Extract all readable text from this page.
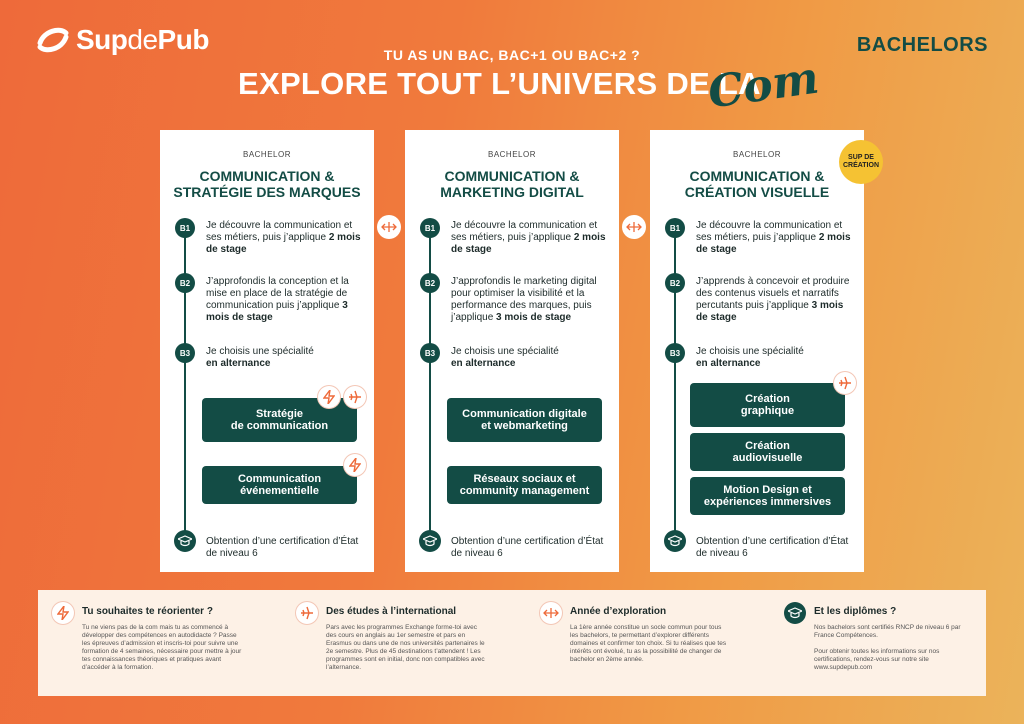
SupdePub	BACHELORS
TU AS UN BAC, BAC+1 OU BAC+2 ?
EXPLORE TOUT L’UNIVERS DE LA
Com
BACHELOR
COMMUNICATION &
STRATÉGIE DES MARQUES
B1	Je découvre la communication et ses métiers, puis j’applique 2 mois de stage
B2	J’approfondis la conception et la mise en place de la stratégie de communication puis j’applique 3 mois de stage
B3	Je choisis une spécialité
en alternance
Stratégie
de communication
Communication
événementielle
Obtention d’une certification d’État de niveau 6
BACHELOR
COMMUNICATION &
MARKETING DIGITAL
B1	Je découvre la communication et ses métiers, puis j’applique 2 mois de stage
B2	J’approfondis le marketing digital pour optimiser la visibilité et la performance des marques, puis j’applique 3 mois de stage
B3	Je choisis une spécialité
en alternance
Communication digitale
et webmarketing
Réseaux sociaux et
community management
Obtention d’une certification d’État de niveau 6
BACHELOR
COMMUNICATION &
CRÉATION VISUELLE
B1	Je découvre la communication et ses métiers, puis j’applique 2 mois de stage
B2	J’apprends à concevoir et produire des contenus visuels et narratifs percutants puis j’applique 3 mois de stage
B3	Je choisis une spécialité
en alternance
Création
graphique
Création
audiovisuelle
Motion Design et
expériences immersives
Obtention d’une certification d’État de niveau 6
SUP DE CRÉATION
Tu souhaites te réorienter ?
Tu ne viens pas de la com mais tu as commencé à développer des compétences en autodidacte ? Passe les épreuves d’admission et inscris-toi pour suivre une formation de 4 semaines, nécessaire pour mettre à jour tes connaissances théoriques et pratiques avant d’accéder à la formation.
Des études à l’international
Pars avec les programmes Exchange forme-toi avec des cours en anglais au 1er semestre et pars en Erasmus ou dans une de nos universités partenaires le 2e semestre. Plus de 45 destinations t’attendent ! Les programmes sont en initial, donc non compatibles avec l’alternance.
Année d’exploration
La 1ère année constitue un socle commun pour tous les bachelors, te permettant d’explorer différents domaines et confirmer ton choix. Si tu réalises que tes intérêts ont évolué, tu as la possibilité de changer de bachelor en 2ème année.
Et les diplômes ?
Nos bachelors sont certifiés RNCP de niveau 6 par France Compétences.

Pour obtenir toutes les informations sur nos certifications, rendez-vous sur notre site www.supdepub.com
